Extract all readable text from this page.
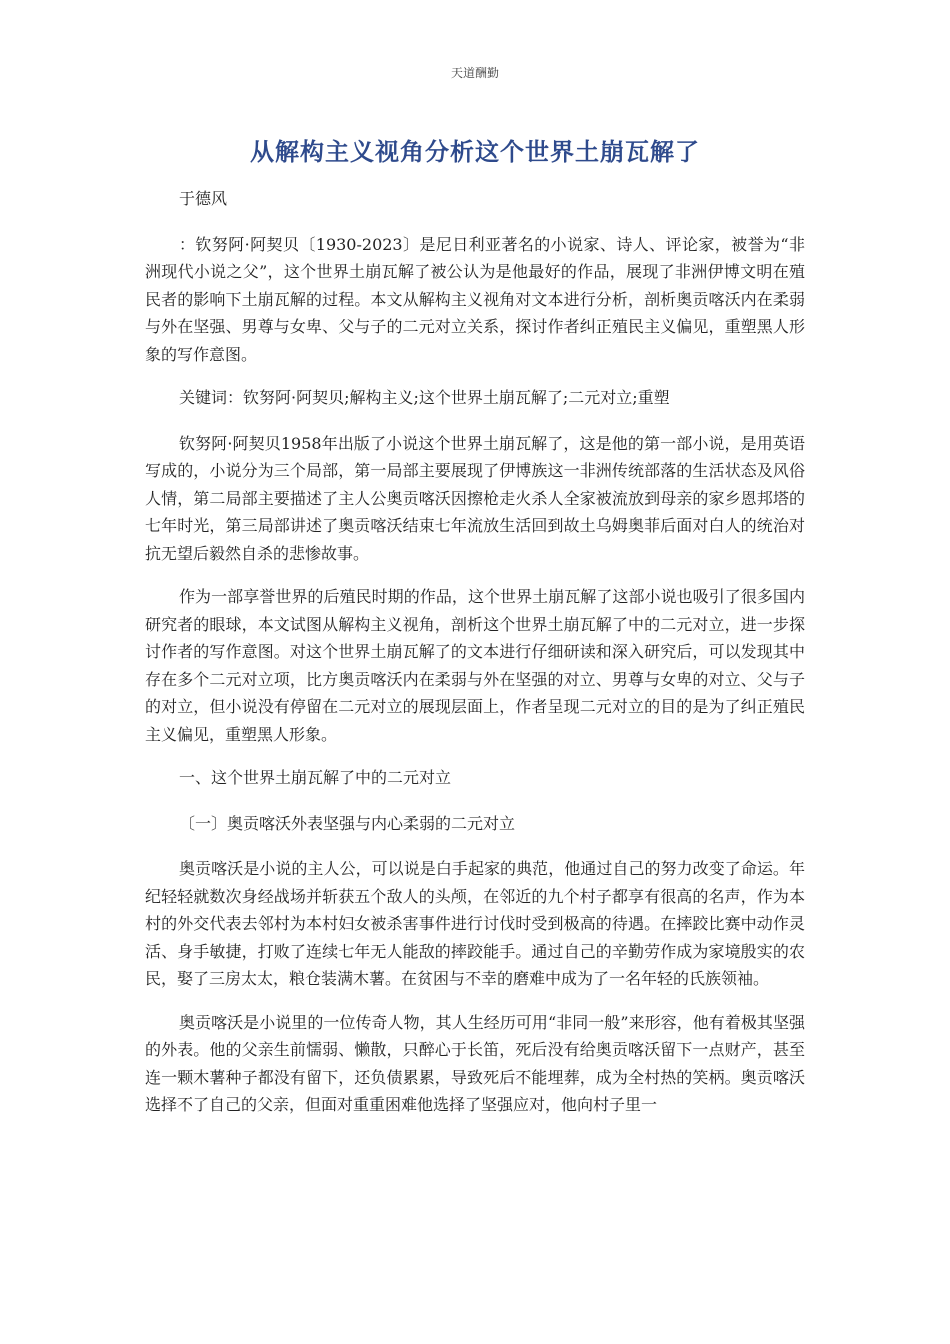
天道酬勤
从解构主义视角分析这个世界土崩瓦解了

于德风

：钦努阿·阿契贝〔1930-2023〕是尼日利亚著名的小说家、诗人、评论家，被誉为“非洲现代小说之父”，这个世界土崩瓦解了被公认为是他最好的作品，展现了非洲伊博文明在殖民者的影响下土崩瓦解的过程。本文从解构主义视角对文本进行分析，剖析奥贡喀沃内在柔弱与外在坚强、男尊与女卑、父与子的二元对立关系，探讨作者纠正殖民主义偏见，重塑黑人形象的写作意图。

关键词：钦努阿·阿契贝;解构主义;这个世界土崩瓦解了;二元对立;重塑

钦努阿·阿契贝1958年出版了小说这个世界土崩瓦解了，这是他的第一部小说，是用英语写成的，小说分为三个局部，第一局部主要展现了伊博族这一非洲传统部落的生活状态及风俗人情，第二局部主要描述了主人公奥贡喀沃因擦枪走火杀人全家被流放到母亲的家乡恩邦塔的七年时光，第三局部讲述了奥贡喀沃结束七年流放生活回到故土乌姆奥菲后面对白人的统治对抗无望后毅然自杀的悲惨故事。

作为一部享誉世界的后殖民时期的作品，这个世界土崩瓦解了这部小说也吸引了很多国内研究者的眼球，本文试图从解构主义视角，剖析这个世界土崩瓦解了中的二元对立，进一步探讨作者的写作意图。对这个世界土崩瓦解了的文本进行仔细研读和深入研究后，可以发现其中存在多个二元对立项，比方奥贡喀沃内在柔弱与外在坚强的对立、男尊与女卑的对立、父与子的对立，但小说没有停留在二元对立的展现层面上，作者呈现二元对立的目的是为了纠正殖民主义偏见，重塑黑人形象。

一、这个世界土崩瓦解了中的二元对立

〔一〕奥贡喀沃外表坚强与内心柔弱的二元对立

奥贡喀沃是小说的主人公，可以说是白手起家的典范，他通过自己的努力改变了命运。年纪轻轻就数次身经战场并斩获五个敌人的头颅，在邻近的九个村子都享有很高的名声，作为本村的外交代表去邻村为本村妇女被杀害事件进行讨伐时受到极高的待遇。在摔跤比赛中动作灵活、身手敏捷，打败了连续七年无人能敌的摔跤能手。通过自己的辛勤劳作成为家境殷实的农民，娶了三房太太，粮仓装满木薯。在贫困与不幸的磨难中成为了一名年轻的氏族领袖。

奥贡喀沃是小说里的一位传奇人物，其人生经历可用“非同一般”来形容，他有着极其坚强的外表。他的父亲生前懦弱、懒散，只醉心于长笛，死后没有给奥贡喀沃留下一点财产，甚至连一颗木薯种子都没有留下，还负债累累，导致死后不能埋葬，成为全村热的笑柄。奥贡喀沃选择不了自己的父亲，但面对重重困难他选择了坚强应对，他向村子里一
